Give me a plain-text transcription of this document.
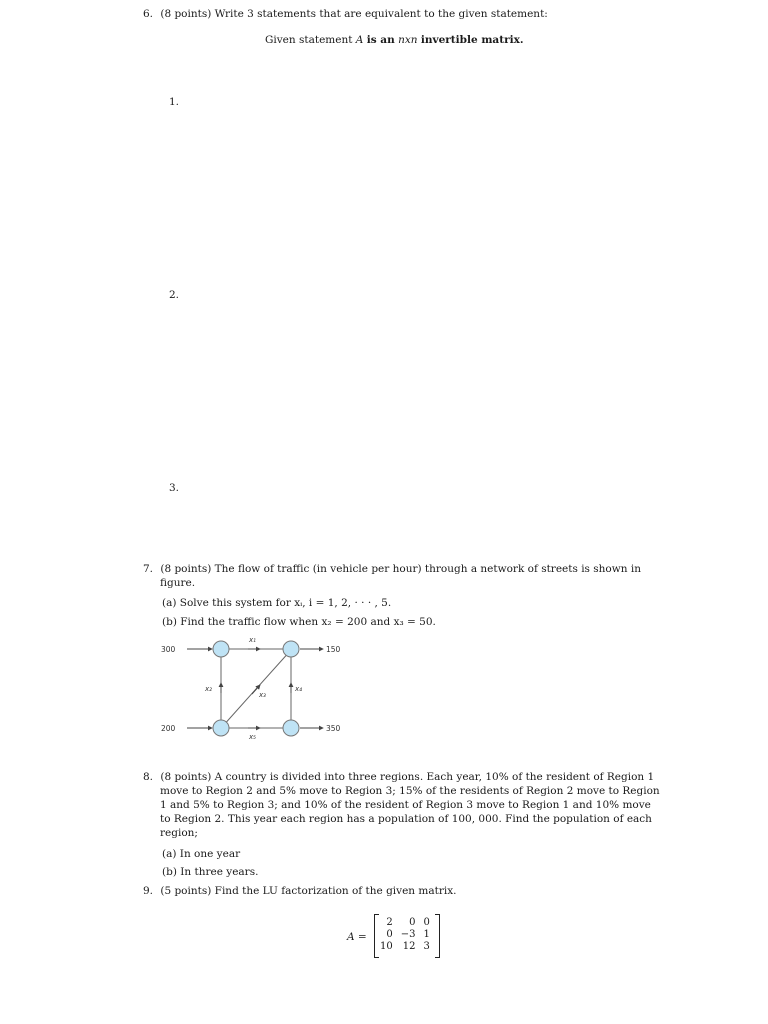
6. (8 points) Write 3 statements that are equivalent to the given statement:
Given statement A is an nxn invertible matrix.
1.
2.
3.
7. (8 points) The flow of traffic (in vehicle per hour) through a network of streets is shown in
figure.
(a) Solve this system for xᵢ, i = 1, 2, · · · , 5.
(b) Find the traffic flow when x₂ = 200 and x₃ = 50.
300	150
200	350
x₁
x₂
x₃
x₄
x₅
8. (8 points) A country is divided into three regions. Each year, 10% of the resident of Region 1
move to Region 2 and 5% move to Region 3; 15% of the residents of Region 2 move to Region
1 and 5% to Region 3; and 10% of the resident of Region 3 move to Region 1 and 10% move
to Region 2. This year each region has a population of 100, 000. Find the population of each
region;
(a) In one year
(b) In three years.
9. (5 points) Find the LU factorization of the given matrix.
A =
2	0	0
0	−3	1
10	12	3
